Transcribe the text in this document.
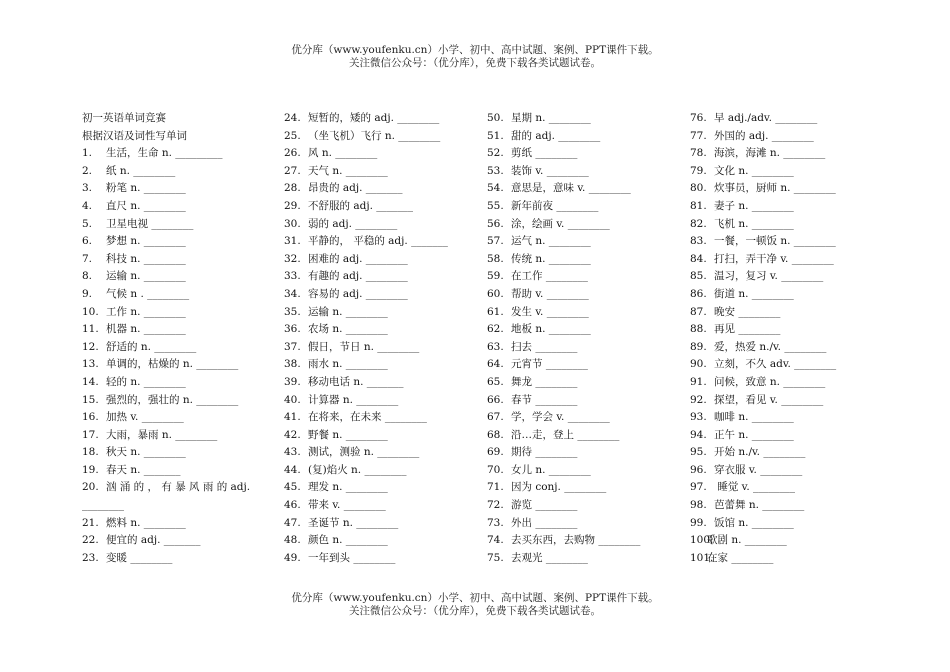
优分库（www.youfenku.cn）小学、初中、高中试题、案例、PPT课件下载。
关注微信公众号：（优分库），免费下载各类试题试卷。
初一英语单词竞赛
根据汉语及词性写单词
1. 生活，生命 n. _________
2. 纸 n. ________
3. 粉笔 n. ________
4. 直尺 n. ________
5. 卫星电视 ________
6. 梦想 n. ________
7. 科技 n. ________
8. 运输 n. ________
9. 气候 n . ________
10. 工作 n. ________
11. 机器 n. ________
12. 舒适的 n. ________
13. 单调的，枯燥的 n. ________
14. 轻的 n. ________
15. 强烈的，强壮的 n. ________
16. 加热 v. ________
17. 大雨，暴雨 n. ________
18. 秋天 n. ________
19. 春天 n. _______
20. 汹 涌 的 ， 有 暴 风 雨 的 adj. ________
21. 燃料 n. ________
22. 便宜的 adj. _______
23. 变暖 ________
24. 短暂的，矮的 adj. ________
25. （坐飞机）飞行 n. ________
26. 风 n. ________
27. 天气 n. ________
28. 昂贵的 adj. _______
29. 不舒服的 adj. _______
30. 弱的 adj. ________
31. 平静的， 平稳的 adj. _______
32. 困难的 adj. ________
33. 有趣的 adj. ________
34. 容易的 adj. ________
35. 运输 n. ________
36. 农场 n. ________
37. 假日，节日 n. ________
38. 雨水 n. ________
39. 移动电话 n. _______
40. 计算器 n. ________
41. 在将来，在未来 ________
42. 野餐 n. ________
43. 测试，测验 n. ________
44. (复)焰火 n. ________
45. 理发 n. ________
46. 带来 v. ________
47. 圣诞节 n. ________
48. 颜色 n. ________
49. 一年到头 ________
50. 星期 n. ________
51. 甜的 adj. ________
52. 剪纸 ________
53. 装饰 v. ________
54. 意思是，意味 v. ________
55. 新年前夜 ________
56. 涂，绘画 v. ________
57. 运气 n. ________
58. 传统 n. ________
59. 在工作 ________
60. 帮助 v. ________
61. 发生 v. ________
62. 地板 n. ________
63. 扫去 ________
64. 元宵节 ________
65. 舞龙 ________
66. 春节 ________
67. 学，学会 v. ________
68. 沿…走，登上 ________
69. 期待 ________
70. 女儿 n. ________
71. 因为 conj. ________
72. 游览 ________
73. 外出 ________
74. 去买东西，去购物 ________
75. 去观光 ________
76. 早 adj./adv. ________
77. 外国的 adj. ________
78. 海滨，海滩 n. ________
79. 文化 n. ________
80. 炊事员，厨师 n. ________
81. 妻子 n. ________
82. 飞机 n. ________
83. 一餐，一顿饭 n. ________
84. 打扫，弄干净 v. ________
85. 温习，复习 v. ________
86. 街道 n. ________
87. 晚安 ________
88. 再见 ________
89. 爱，热爱 n./v. ________
90. 立刻，不久 adv. ________
91. 问候，致意 n. ________
92. 探望，看见 v. ________
93. 咖啡 n. ________
94. 正午 n. ________
95. 开始 n./v. ________
96. 穿衣服 v. ________
97. 睡觉 v. ________
98. 芭蕾舞 n. ________
99. 饭馆 n. ________
100.歌剧 n. ________
101.在家 ________
优分库（www.youfenku.cn）小学、初中、高中试题、案例、PPT课件下载。
关注微信公众号：（优分库），免费下载各类试题试卷。
